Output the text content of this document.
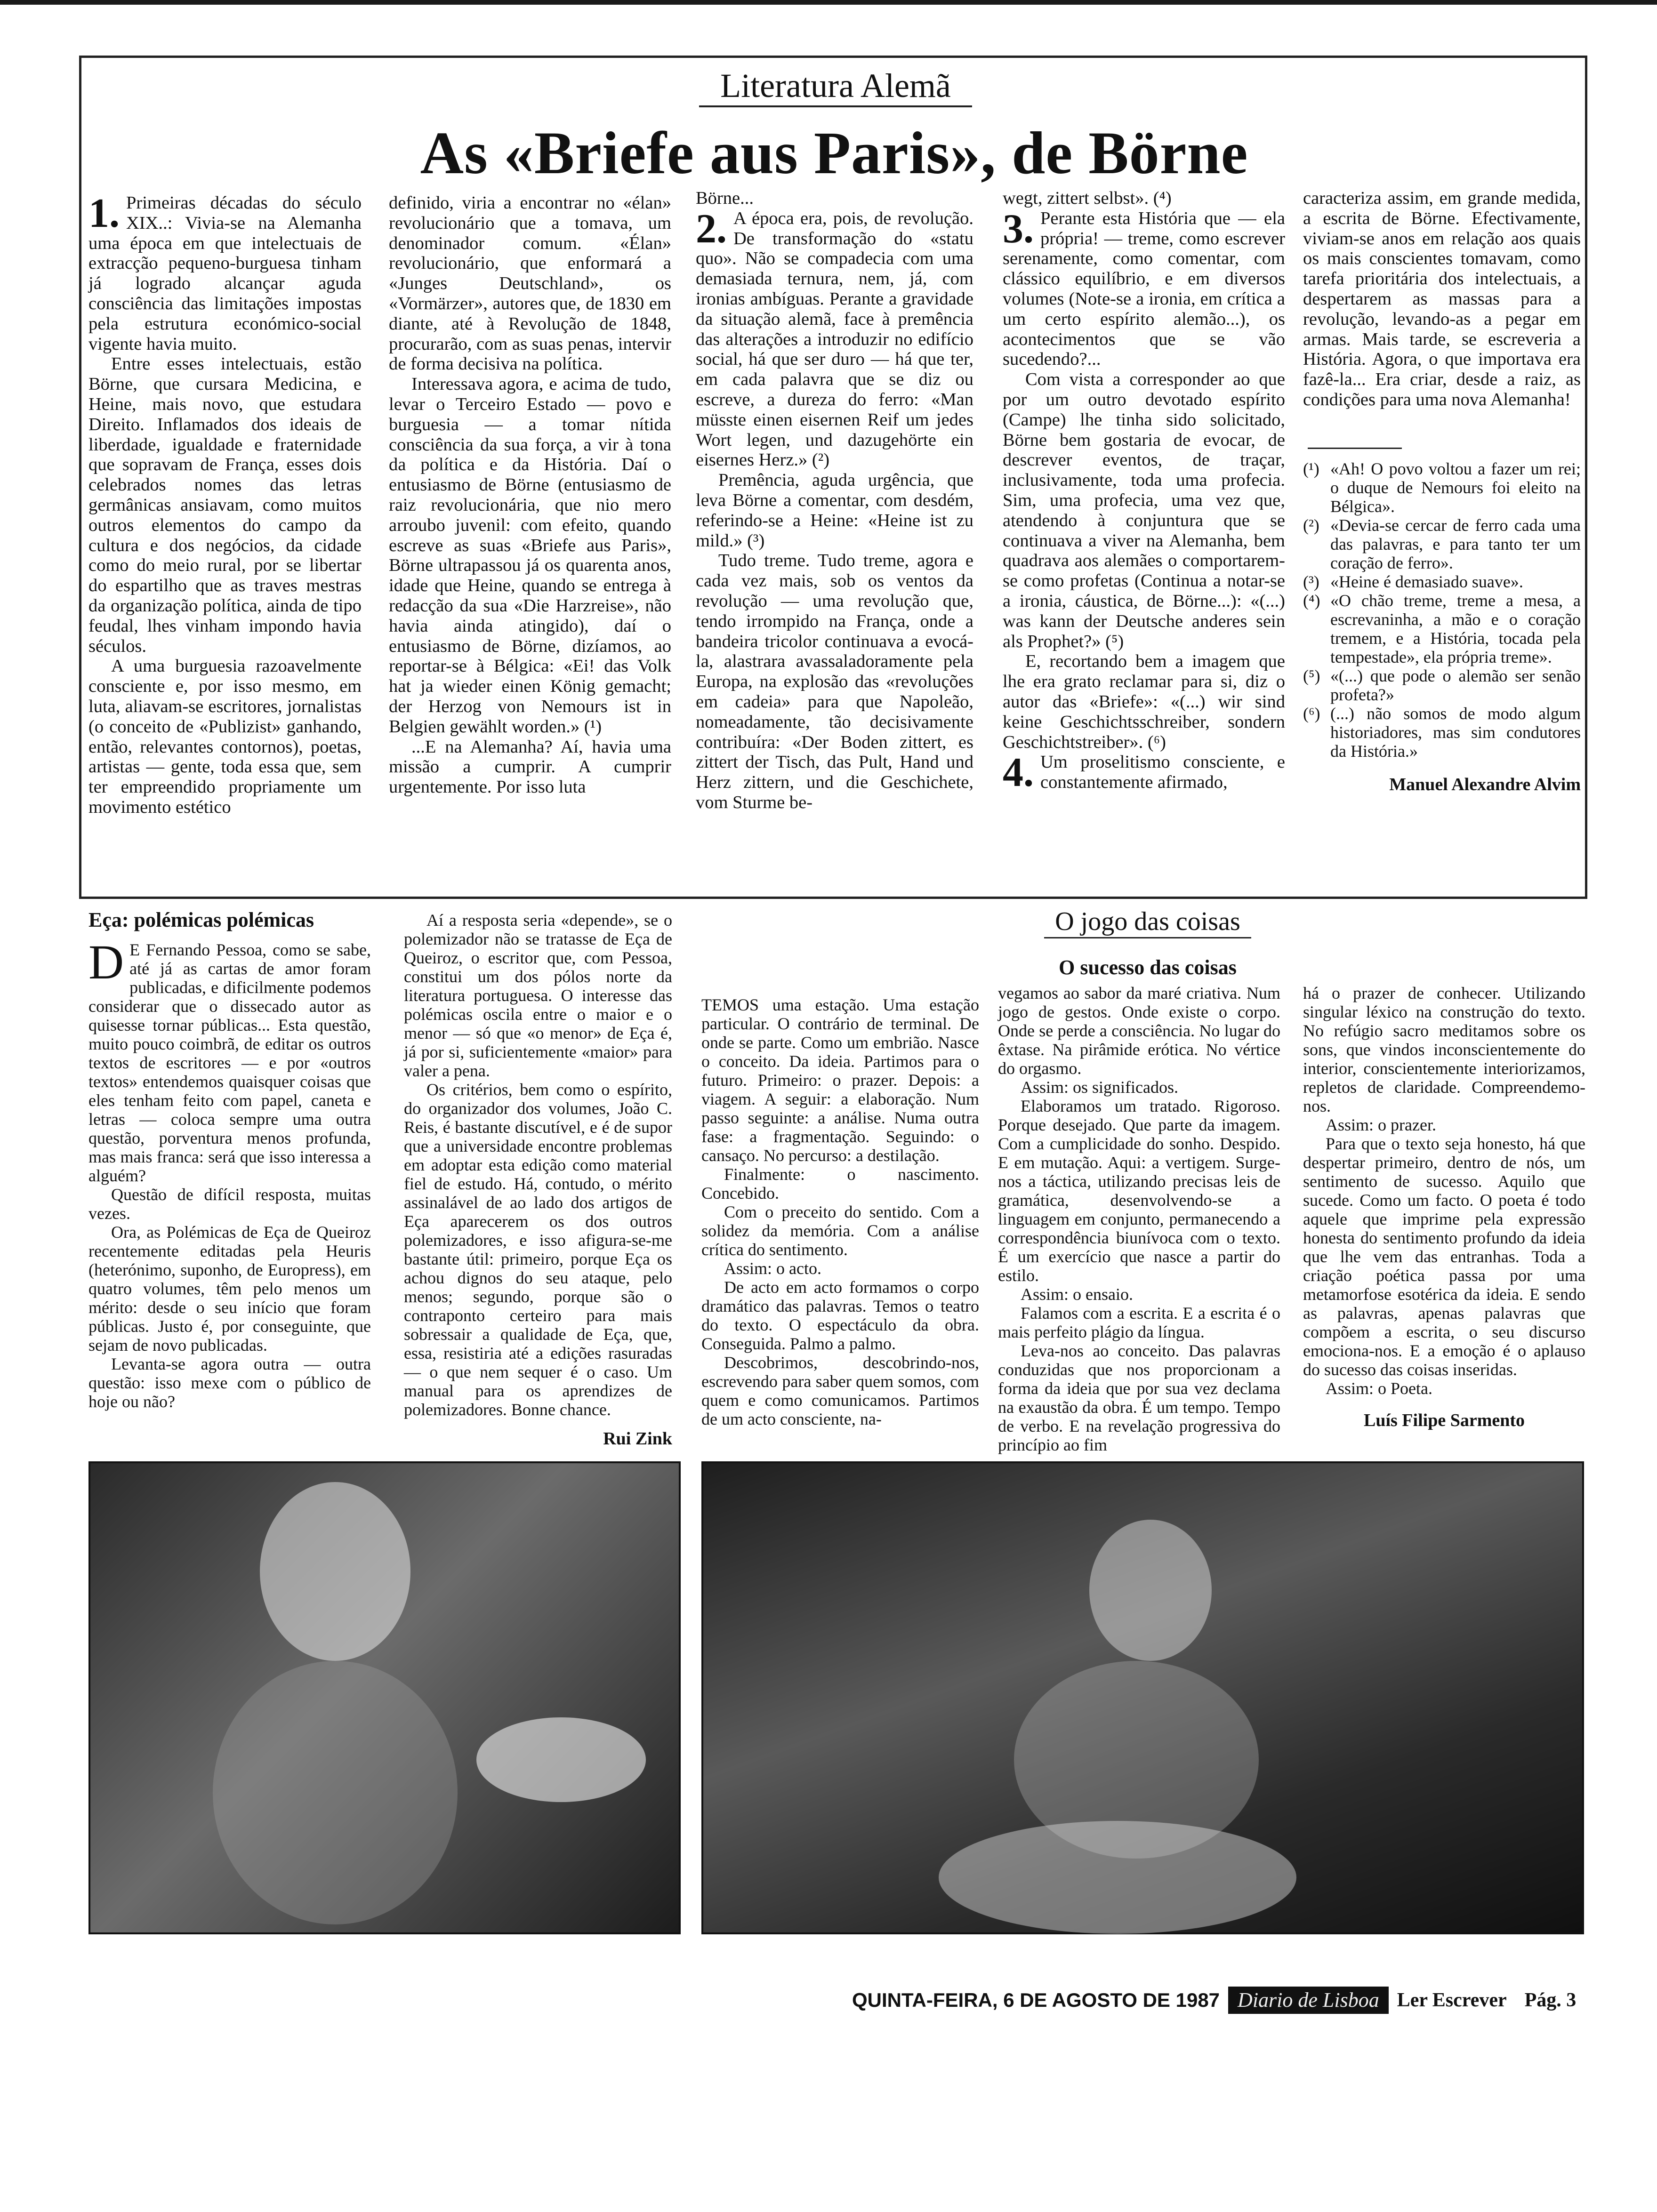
Literatura Alemã
As «Briefe aus Paris», de Börne

1. Primeiras décadas do século XIX..: Vivia-se na Alemanha uma época em que intelectuais de extracção pequeno-burguesa tinham já logrado alcançar aguda consciência das limitações impostas pela estrutura económico-social vigente havia muito.

Entre esses intelectuais, estão Börne, que cursara Medicina, e Heine, mais novo, que estudara Direito. Inflamados dos ideais de liberdade, igualdade e fraternidade que sopravam de França, esses dois celebrados nomes das letras germânicas ansiavam, como muitos outros elementos do campo da cultura e dos negócios, da cidade como do meio rural, por se libertar do espartilho que as traves mestras da organização política, ainda de tipo feudal, lhes vinham impondo havia séculos.

A uma burguesia razoavelmente consciente e, por isso mesmo, em luta, aliavam-se escritores, jornalistas (o conceito de «Publizist» ganhando, então, relevantes contornos), poetas, artistas — gente, toda essa que, sem ter empreendido propriamente um movimento estético

definido, viria a encontrar no «élan» revolucionário que a tomava, um denominador comum. «Élan» revolucionário, que enformará a «Junges Deutschland», os «Vormärzer», autores que, de 1830 em diante, até à Revolução de 1848, procurarão, com as suas penas, intervir de forma decisiva na política.

Interessava agora, e acima de tudo, levar o Terceiro Estado — povo e burguesia — a tomar nítida consciência da sua força, a vir à tona da política e da História. Daí o entusiasmo de Börne (entusiasmo de raiz revolucionária, que nio mero arroubo juvenil: com efeito, quando escreve as suas «Briefe aus Paris», Börne ultrapassou já os quarenta anos, idade que Heine, quando se entrega à redacção da sua «Die Harzreise», não havia ainda atingido), daí o entusiasmo de Börne, dizíamos, ao reportar-se à Bélgica: «Ei! das Volk hat ja wieder einen König gemacht; der Herzog von Nemours ist in Belgien gewählt worden.» (¹)

...E na Alemanha? Aí, havia uma missão a cumprir. A cumprir urgentemente. Por isso luta

Börne...

2. A época era, pois, de revolução. De transformação do «statu quo». Não se compadecia com uma demasiada ternura, nem, já, com ironias ambíguas. Perante a gravidade da situação alemã, face à premência das alterações a introduzir no edifício social, há que ser duro — há que ter, em cada palavra que se diz ou escreve, a dureza do ferro: «Man müsste einen eisernen Reif um jedes Wort legen, und dazugehörte ein eisernes Herz.» (²)

Premência, aguda urgência, que leva Börne a comentar, com desdém, referindo-se a Heine: «Heine ist zu mild.» (³)

Tudo treme. Tudo treme, agora e cada vez mais, sob os ventos da revolução — uma revolução que, tendo irrompido na França, onde a bandeira tricolor continuava a evocá-la, alastrara avassaladoramente pela Europa, na explosão das «revoluções em cadeia» para que Napoleão, nomeadamente, tão decisivamente contribuíra: «Der Boden zittert, es zittert der Tisch, das Pult, Hand und Herz zittern, und die Geschichete, vom Sturme be-

wegt, zittert selbst». (⁴)

3. Perante esta História que — ela própria! — treme, como escrever serenamente, como comentar, com clássico equilíbrio, e em diversos volumes (Note-se a ironia, em crítica a um certo espírito alemão...), os acontecimentos que se vão sucedendo?...

Com vista a corresponder ao que por um outro devotado espírito (Campe) lhe tinha sido solicitado, Börne bem gostaria de evocar, de descrever eventos, de traçar, inclusivamente, toda uma profecia. Sim, uma profecia, uma vez que, atendendo à conjuntura que se continuava a viver na Alemanha, bem quadrava aos alemães o comportarem-se como profetas (Continua a notar-se a ironia, cáustica, de Börne...): «(...) was kann der Deutsche anderes sein als Prophet?» (⁵)

E, recortando bem a imagem que lhe era grato reclamar para si, diz o autor das «Briefe»: «(...) wir sind keine Geschichtsschreiber, sondern Geschichtstreiber». (⁶)

4. Um proselitismo consciente, e constantemente afirmado,

caracteriza assim, em grande medida, a escrita de Börne. Efectivamente, viviam-se anos em relação aos quais os mais conscientes tomavam, como tarefa prioritária dos intelectuais, a despertarem as massas para a revolução, levando-as a pegar em armas. Mais tarde, se escreveria a História. Agora, o que importava era fazê-la... Era criar, desde a raiz, as condições para uma nova Alemanha!

(¹) «Ah! O povo voltou a fazer um rei; o duque de Nemours foi eleito na Bélgica».
(²) «Devia-se cercar de ferro cada uma das palavras, e para tanto ter um coração de ferro».
(³) «Heine é demasiado suave».
(⁴) «O chão treme, treme a mesa, a escrevaninha, a mão e o coração tremem, e a História, tocada pela tempestade», ela própria treme».
(⁵) «(...) que pode o alemão ser senão profeta?»
(⁶) (...) não somos de modo algum historiadores, mas sim condutores da História.»
Manuel Alexandre Alvim
Eça: polémicas polémicas

D E Fernando Pessoa, como se sabe, até já as cartas de amor foram publicadas, e dificilmente podemos considerar que o dissecado autor as quisesse tornar públicas... Esta questão, muito pouco coimbrã, de editar os outros textos de escritores — e por «outros textos» entendemos quaisquer coisas que eles tenham feito com papel, caneta e letras — coloca sempre uma outra questão, porventura menos profunda, mas mais franca: será que isso interessa a alguém?

Questão de difícil resposta, muitas vezes.

Ora, as Polémicas de Eça de Queiroz recentemente editadas pela Heuris (heterónimo, suponho, de Europress), em quatro volumes, têm pelo menos um mérito: desde o seu início que foram públicas. Justo é, por conseguinte, que sejam de novo publicadas.

Levanta-se agora outra — outra questão: isso mexe com o público de hoje ou não?

Aí a resposta seria «depende», se o polemizador não se tratasse de Eça de Queiroz, o escritor que, com Pessoa, constitui um dos pólos norte da literatura portuguesa. O interesse das polémicas oscila entre o maior e o menor — só que «o menor» de Eça é, já por si, suficientemente «maior» para valer a pena.

Os critérios, bem como o espírito, do organizador dos volumes, João C. Reis, é bastante discutível, e é de supor que a universidade encontre problemas em adoptar esta edição como material fiel de estudo. Há, contudo, o mérito assinalável de ao lado dos artigos de Eça aparecerem os dos outros polemizadores, e isso afigura-se-me bastante útil: primeiro, porque Eça os achou dignos do seu ataque, pelo menos; segundo, porque são o contraponto certeiro para mais sobressair a qualidade de Eça, que, essa, resistiria até a edições rasuradas — o que nem sequer é o caso. Um manual para os aprendizes de polemizadores. Bonne chance.

Rui Zink
O jogo das coisas
O sucesso das coisas

TEMOS uma estação. Uma estação particular. O contrário de terminal. De onde se parte. Como um embrião. Nasce o conceito. Da ideia. Partimos para o futuro. Primeiro: o prazer. Depois: a viagem. A seguir: a elaboração. Num passo seguinte: a análise. Numa outra fase: a fragmentação. Seguindo: o cansaço. No percurso: a destilação.

Finalmente: o nascimento. Concebido.

Com o preceito do sentido. Com a solidez da memória. Com a análise crítica do sentimento.

Assim: o acto.

De acto em acto formamos o corpo dramático das palavras. Temos o teatro do texto. O espectáculo da obra. Conseguida. Palmo a palmo.

Descobrimos, descobrindo-nos, escrevendo para saber quem somos, com quem e como comunicamos. Partimos de um acto consciente, na-

vegamos ao sabor da maré criativa. Num jogo de gestos. Onde existe o corpo. Onde se perde a consciência. No lugar do êxtase. Na pirâmide erótica. No vértice do orgasmo.

Assim: os significados.

Elaboramos um tratado. Rigoroso. Porque desejado. Que parte da imagem. Com a cumplicidade do sonho. Despido. E em mutação. Aqui: a vertigem. Surge-nos a táctica, utilizando precisas leis de gramática, desenvolvendo-se a linguagem em conjunto, permanecendo a correspondência biunívoca com o texto. É um exercício que nasce a partir do estilo.

Assim: o ensaio.

Falamos com a escrita. E a escrita é o mais perfeito plágio da língua.

Leva-nos ao conceito. Das palavras conduzidas que nos proporcionam a forma da ideia que por sua vez declama na exaustão da obra. É um tempo. Tempo de verbo. E na revelação progressiva do princípio ao fim

há o prazer de conhecer. Utilizando singular léxico na construção do texto. No refúgio sacro meditamos sobre os sons, que vindos inconscientemente do interior, conscientemente interiorizamos, repletos de claridade. Compreendemo-nos.

Assim: o prazer.

Para que o texto seja honesto, há que despertar primeiro, dentro de nós, um sentimento de sucesso. Aquilo que sucede. Como um facto. O poeta é todo aquele que imprime pela expressão honesta do sentimento profundo da ideia que lhe vem das entranhas. Toda a criação poética passa por uma metamorfose esotérica da ideia. E sendo as palavras, apenas palavras que compõem a escrita, o seu discurso emociona-nos. E a emoção é o aplauso do sucesso das coisas inseridas.

Assim: o Poeta.

Luís Filipe Sarmento
QUINTA-FEIRA, 6 DE AGOSTO DE 1987 Diario de Lisboa Ler Escrever Pág. 3
